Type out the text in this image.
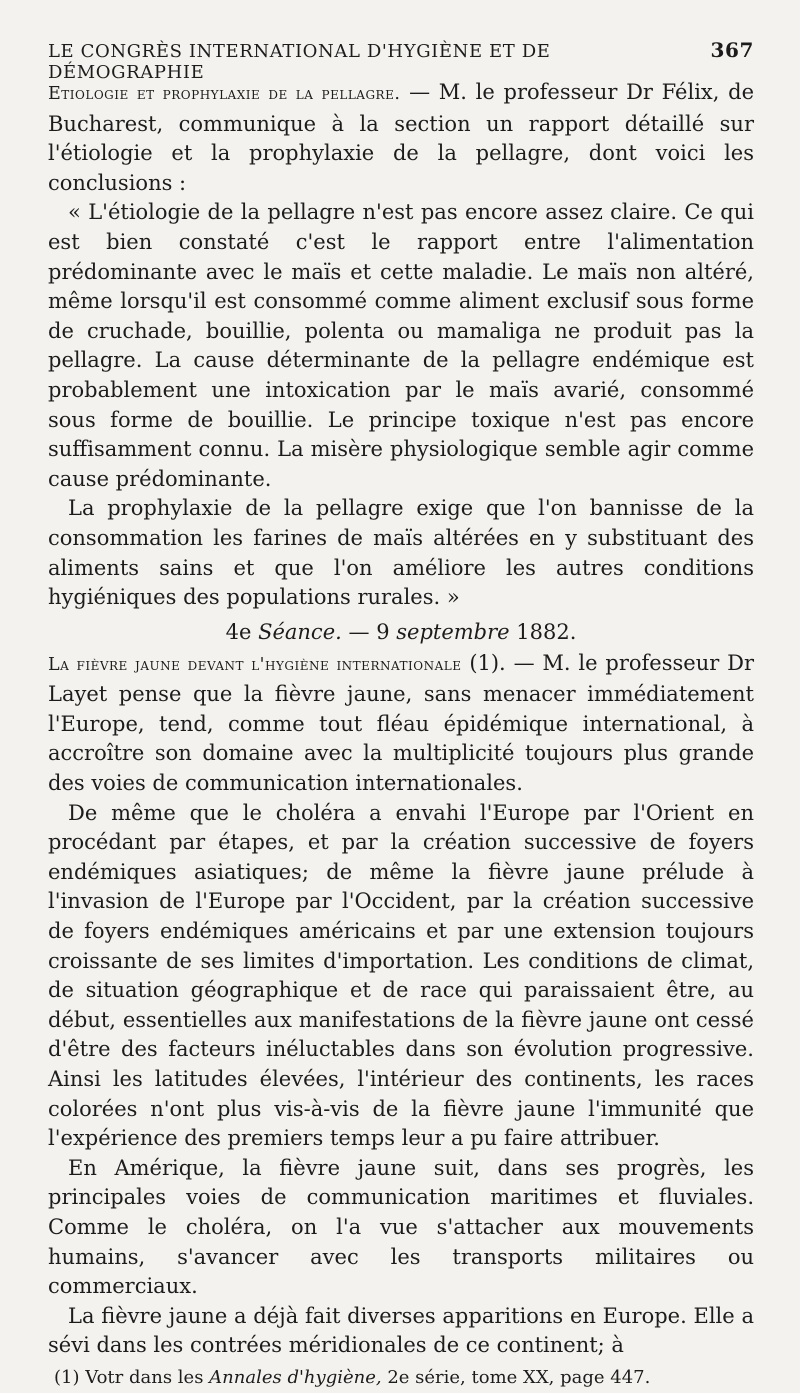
LE CONGRÈS INTERNATIONAL D'HYGIÈNE ET DE DÉMOGRAPHIE
367

Etiologie et prophylaxie de la pellagre. — M. le professeur Dr Félix, de Bucharest, communique à la section un rapport détaillé sur l'étiologie et la prophylaxie de la pellagre, dont voici les conclusions :

« L'étiologie de la pellagre n'est pas encore assez claire. Ce qui est bien constaté c'est le rapport entre l'alimentation prédominante avec le maïs et cette maladie. Le maïs non altéré, même lorsqu'il est consommé comme aliment exclusif sous forme de cruchade, bouillie, polenta ou mamaliga ne produit pas la pellagre. La cause déterminante de la pellagre endémique est probablement une intoxication par le maïs avarié, consommé sous forme de bouillie. Le principe toxique n'est pas encore suffisamment connu. La misère physiologique semble agir comme cause prédominante.

La prophylaxie de la pellagre exige que l'on bannisse de la consommation les farines de maïs altérées en y substituant des aliments sains et que l'on améliore les autres conditions hygiéniques des populations rurales. »

4e Séance. — 9 septembre 1882.

La fièvre jaune devant l'hygiène internationale (1). — M. le professeur Dr Layet pense que la fièvre jaune, sans menacer immédiatement l'Europe, tend, comme tout fléau épidémique international, à accroître son domaine avec la multiplicité toujours plus grande des voies de communication internationales.

De même que le choléra a envahi l'Europe par l'Orient en procédant par étapes, et par la création successive de foyers endémiques asiatiques; de même la fièvre jaune prélude à l'invasion de l'Europe par l'Occident, par la création successive de foyers endémiques américains et par une extension toujours croissante de ses limites d'importation. Les conditions de climat, de situation géographique et de race qui paraissaient être, au début, essentielles aux manifestations de la fièvre jaune ont cessé d'être des facteurs inéluctables dans son évolution progressive. Ainsi les latitudes élevées, l'intérieur des continents, les races colorées n'ont plus vis-à-vis de la fièvre jaune l'immunité que l'expérience des premiers temps leur a pu faire attribuer.

En Amérique, la fièvre jaune suit, dans ses progrès, les principales voies de communication maritimes et fluviales. Comme le choléra, on l'a vue s'attacher aux mouvements humains, s'avancer avec les transports militaires ou commerciaux.

La fièvre jaune a déjà fait diverses apparitions en Europe. Elle a sévi dans les contrées méridionales de ce continent; à

(1) Votr dans les Annales d'hygiène, 2e série, tome XX, page 447.
